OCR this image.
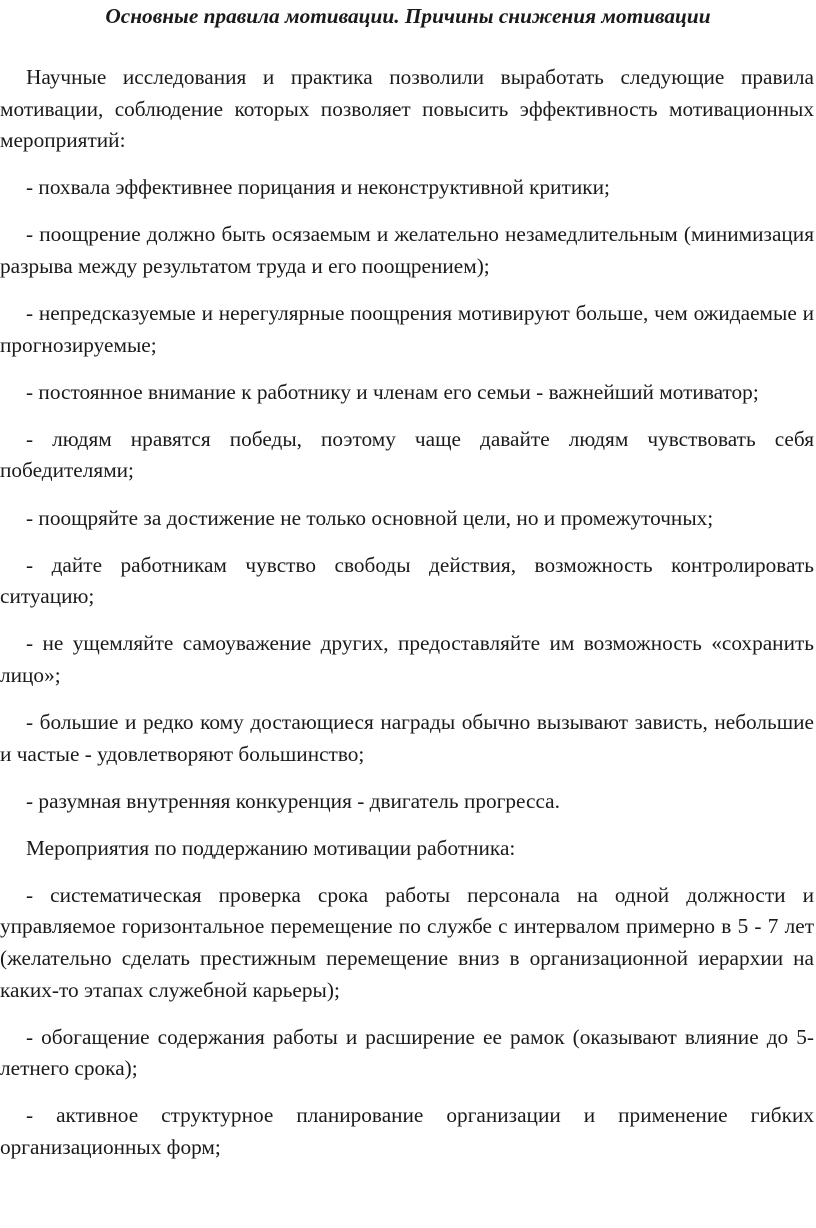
Основные правила мотивации. Причины снижения мотивации

Научные исследования и практика позволили выработать следующие правила мотивации, соблюдение которых позволяет повысить эффективность мотивационных мероприятий:

- похвала эффективнее порицания и неконструктивной критики;

- поощрение должно быть осязаемым и желательно незамедлительным (минимизация разрыва между результатом труда и его поощрением);

- непредсказуемые и нерегулярные поощрения мотивируют больше, чем ожидаемые и прогнозируемые;

- постоянное внимание к работнику и членам его семьи - важнейший мотиватор;

- людям нравятся победы, поэтому чаще давайте людям чувствовать себя победителями;

- поощряйте за достижение не только основной цели, но и промежуточных;

- дайте работникам чувство свободы действия, возможность контролировать ситуацию;

- не ущемляйте самоуважение других, предоставляйте им возможность «сохранить лицо»;

- большие и редко кому достающиеся награды обычно вызывают зависть, небольшие и частые - удовлетворяют большинство;

- разумная внутренняя конкуренция - двигатель прогресса.

Мероприятия по поддержанию мотивации работника:

- систематическая проверка срока работы персонала на одной должности и управляемое горизонтальное перемещение по службе с интервалом примерно в 5 - 7 лет (желательно сделать престижным перемещение вниз в организационной иерархии на каких-то этапах служебной карьеры);

- обогащение содержания работы и расширение ее рамок (оказывают влияние до 5-летнего срока);

- активное структурное планирование организации и применение гибких организационных форм;
